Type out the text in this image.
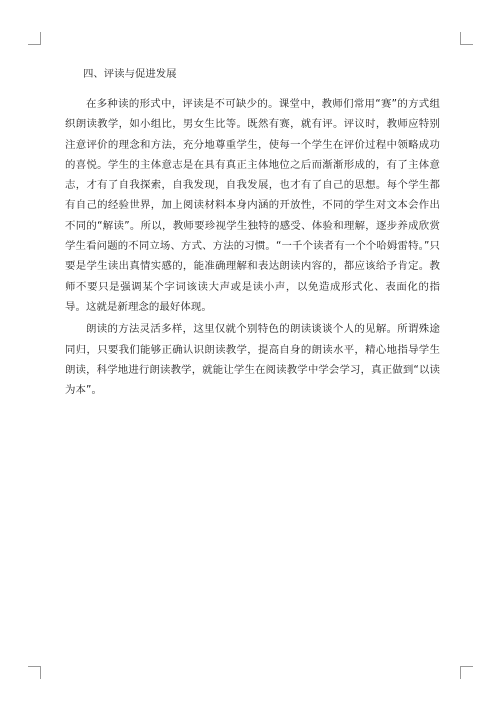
四、评读与促进发展

在多种读的形式中，评读是不可缺少的。课堂中，教师们常用“赛”的方式组织朗读教学，如小组比，男女生比等。既然有赛，就有评。评议时，教师应特别注意评价的理念和方法，充分地尊重学生，使每一个学生在评价过程中领略成功的喜悦。学生的主体意志是在具有真正主体地位之后而渐渐形成的，有了主体意志，才有了自我探索，自我发现，自我发展，也才有了自己的思想。每个学生都有自己的经验世界，加上阅读材料本身内涵的开放性，不同的学生对文本会作出不同的“解读”。所以，教师要珍视学生独特的感受、体验和理解，逐步养成欣赏学生看问题的不同立场、方式、方法的习惯。“一千个读者有一个个哈姆雷特。”只要是学生读出真情实感的，能准确理解和表达朗读内容的，都应该给予肯定。教师不要只是强调某个字词该读大声或是读小声，以免造成形式化、表面化的指导。这就是新理念的最好体现。

朗读的方法灵活多样，这里仅就个别特色的朗读谈谈个人的见解。所谓殊途同归，只要我们能够正确认识朗读教学，提高自身的朗读水平，精心地指导学生朗读，科学地进行朗读教学，就能让学生在阅读教学中学会学习，真正做到“以读为本”。
